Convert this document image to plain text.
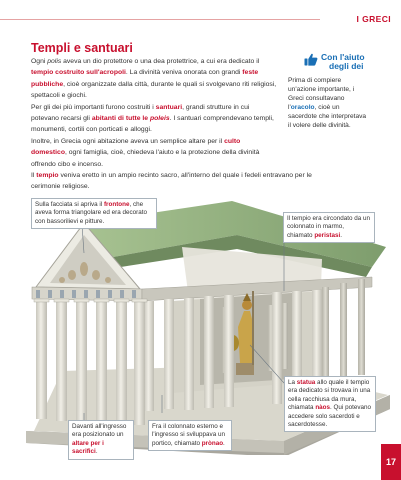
I GRECI
Templi e santuari

Ogni polis aveva un dio protettore o una dea protettrice, a cui era dedicato il tempio costruito sull'acropoli. La divinità veniva onorata con grandi feste pubbliche, cioè organizzate dalla città, durante le quali si svolgevano riti religiosi, spettacoli e giochi.

Per gli dei più importanti furono costruiti i santuari, grandi strutture in cui potevano recarsi gli abitanti di tutte le poleis. I santuari comprendevano templi, monumenti, cortili con porticati e alloggi.

Inoltre, in Grecia ogni abitazione aveva un semplice altare per il culto domestico, ogni famiglia, cioè, chiedeva l'aiuto e la protezione della divinità offrendo cibo e incenso.

Con l'aiuto
degli dei

Prima di compiere un'azione importante, i Greci consultavano l'oracolo, cioè un sacerdote che interpretava il volere delle divinità.

Il tempio veniva eretto in un ampio recinto sacro, all'interno del quale i fedeli entravano per le cerimonie religiose.

Sulla facciata si apriva il frontone, che aveva forma triangolare ed era decorato con bassorilievi e pitture.	Il tempio era circondato da un colonnato in marmo, chiamato peristasi.
La statua allo quale il tempio era dedicato si trovava in una cella racchiusa da mura, chiamata nàos. Qui potevano accedere solo sacerdoti e sacerdotesse.
Davanti all'ingresso era posizionato un altare per i sacrifici.
Fra il colonnato esterno e l'ingresso si sviluppava un portico, chiamato prònao.
17
